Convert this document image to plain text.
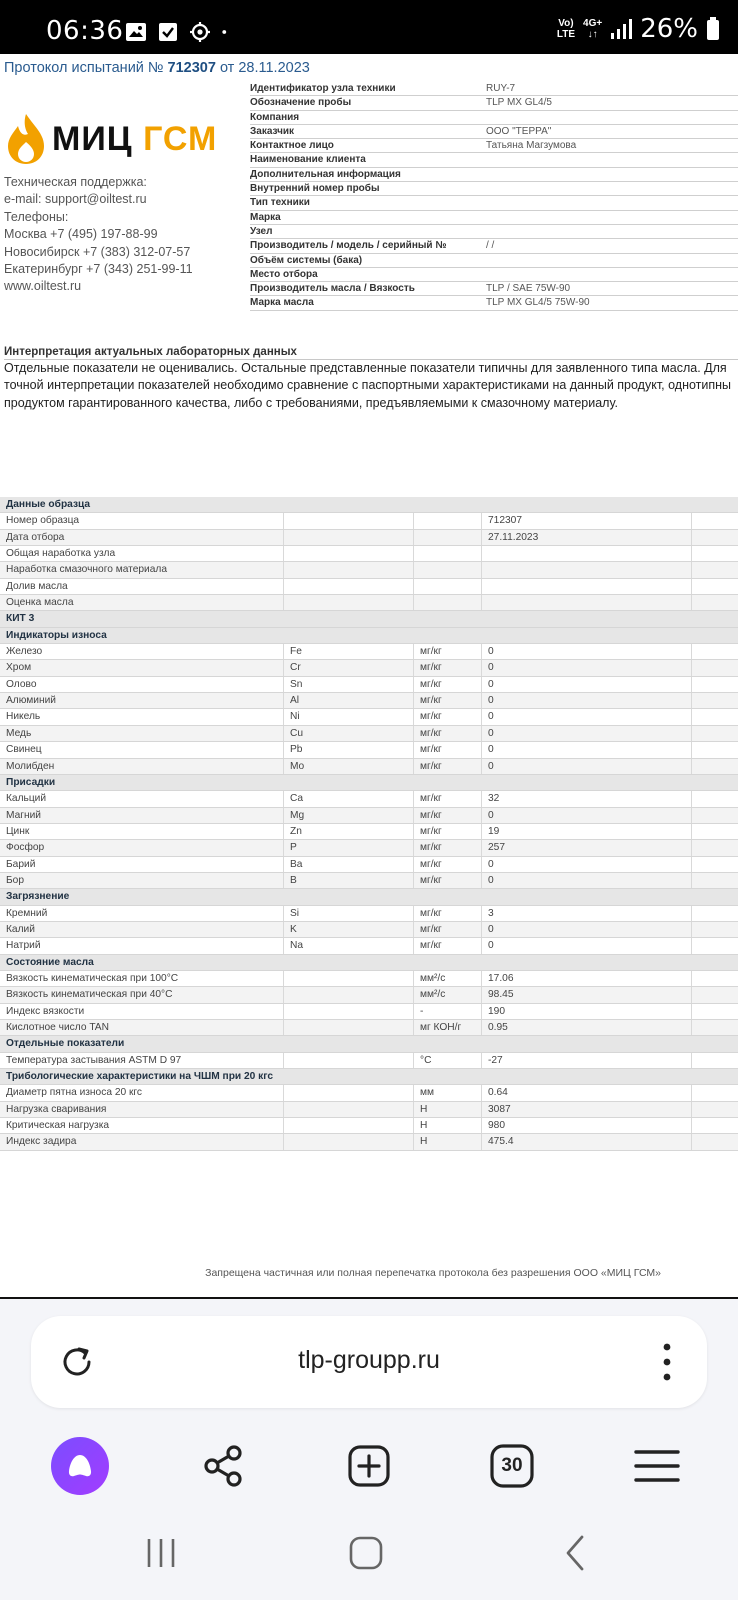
06:36	Vo)
LTE
4G+
↓↑ 26%
Протокол испытаний № 712307 от 28.11.2023
МИЦ ГСМ
Техническая поддержка:
e-mail: support@oiltest.ru
Телефоны:
Москва +7 (495) 197-88-99
Новосибирск +7 (383) 312-07-57
Екатеринбург +7 (343) 251-99-11
www.oiltest.ru
Идентификатор узла техники	RUY-7
Обозначение пробы	TLP MX GL4/5
Компания
Заказчик	ООО "ТЕРРА"
Контактное лицо	Татьяна Магзумова
Наименование клиента
Дополнительная информация
Внутренний номер пробы
Тип техники
Марка
Узел
Производитель / модель / серийный №	/ /
Объём системы (бака)
Место отбора
Производитель масла / Вязкость	TLP / SAE 75W-90
Марка масла	TLP MX GL4/5 75W-90
Интерпретация актуальных лабораторных данных
Отдельные показатели не оценивались. Остальные представленные показатели типичны для заявленного типа масла. Для
точной интерпретации показателей необходимо сравнение с паспортными характеристиками на данный продукт, однотипны
продуктом гарантированного качества, либо с требованиями, предъявляемыми к смазочному материалу.
Данные образца
Номер образца	712307
Дата отбора	27.11.2023
Общая наработка узла
Наработка смазочного материала
Долив масла
Оценка масла
КИТ 3
Индикаторы износа
Железо	Fe	мг/кг	0
Хром	Cr	мг/кг	0
Олово	Sn	мг/кг	0
Алюминий	Al	мг/кг	0
Никель	Ni	мг/кг	0
Медь	Cu	мг/кг	0
Свинец	Pb	мг/кг	0
Молибден	Mo	мг/кг	0
Присадки
Кальций	Ca	мг/кг	32
Магний	Mg	мг/кг	0
Цинк	Zn	мг/кг	19
Фосфор	P	мг/кг	257
Барий	Ba	мг/кг	0
Бор	B	мг/кг	0
Загрязнение
Кремний	Si	мг/кг	3
Калий	K	мг/кг	0
Натрий	Na	мг/кг	0
Состояние масла
Вязкость кинематическая при 100°С	мм²/с	17.06
Вязкость кинематическая при 40°С	мм²/с	98.45
Индекс вязкости	-	190
Кислотное число TAN	мг КОН/г	0.95
Отдельные показатели
Температура застывания ASTM D 97	°С	-27
Трибологические характеристики на ЧШМ при 20 кгс
Диаметр пятна износа 20 кгс	мм	0.64
Нагрузка сваривания	Н	3087
Критическая нагрузка	Н	980
Индекс задира	Н	475.4
Запрещена частичная или полная перепечатка протокола без разрешения ООО «МИЦ ГСМ»
tlp-groupp.ru
30
